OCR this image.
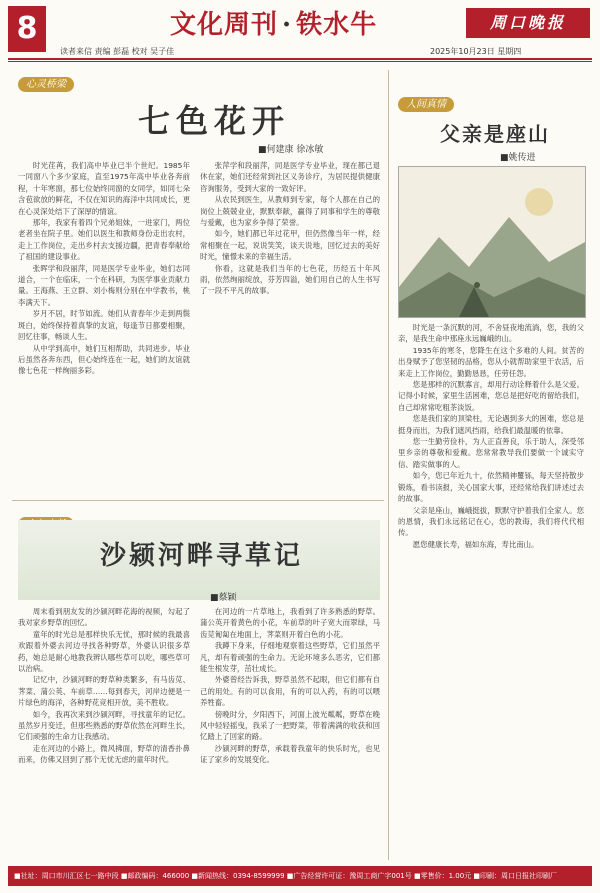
8	文化周刊 · 铁水牛	周口晚报
读者来信 责编 彭磊 校对 吴子佳	2025年10月23日 星期四
心灵桥梁
七色花开
■何建康 徐冰敏

时光荏苒，我们高中毕业已半个世纪。1985年一同窗八个多少家庭，直至1975年高中毕业各奔前程，十年寒窗，那七位始终同窗的女同学，如同七朵含苞欲放的鲜花，不仅在知识的海洋中共同成长，更在心灵深处结下了深厚的情谊。

那年，我家有着四个兄弟姐妹，一进家门，两位老者坐在院子里。她们以医生和教师身份走出农村，走上工作岗位，走出乡村去支援边疆，把青春奉献给了祖国的建设事业。

张晖学和段丽萍，同是医学专业毕业，她们志同道合，一个在临床，一个在科研，为医学事业贡献力量。王海燕、王立群、刘小梅则分别在中学教书，桃李满天下。

岁月不居，时节如流。她们从青春年少走到两鬓斑白，始终保持着真挚的友谊，每逢节日都要相聚，回忆往事，畅谈人生。

从中学到高中，她们互相帮助，共同进步。毕业后虽然各奔东西，但心始终连在一起，她们的友谊就像七色花一样绚丽多彩。

张萍学和段丽萍，同是医学专业毕业，现在都已退休在家，她们还经常到社区义务诊疗，为居民提供健康咨询服务，受到大家的一致好评。

从农民到医生，从教师到专家，每个人都在自己的岗位上兢兢业业，默默奉献，赢得了同事和学生的尊敬与爱戴，也为家乡争得了荣誉。

如今，她们都已年过花甲，但仍然像当年一样，经常相聚在一起，说说笑笑，谈天说地，回忆过去的美好时光，憧憬未来的幸福生活。

你看，这就是我们当年的七色花，历经五十年风雨，依然绚丽绽放，芬芳四溢，她们用自己的人生书写了一段不平凡的故事。

沙颍河畔寻草记
■蔡颖

周末看到朋友发的沙颍河畔花海的视频，勾起了我对家乡野草的回忆。

童年的时光总是那样快乐无忧，那时候的我最喜欢跟着外婆去河边寻找各种野草，外婆认识很多草药，她总是耐心地教我辨认哪些草可以吃，哪些草可以治病。

记忆中，沙颍河畔的野草种类繁多，有马齿苋、荠菜、蒲公英、车前草……每到春天，河岸边便是一片绿色的海洋，各种野花竞相开放，美不胜收。

如今，我再次来到沙颍河畔，寻找童年的记忆。虽然岁月变迁，但那些熟悉的野草依然在河畔生长，它们顽强的生命力让我感动。

走在河边的小路上，微风拂面，野草的清香扑鼻而来，仿佛又回到了那个无忧无虑的童年时代。

在河边的一片草地上，我看到了许多熟悉的野草。蒲公英开着黄色的小花，车前草的叶子宽大而翠绿，马齿苋匍匐在地面上，荠菜则开着白色的小花。

我蹲下身来，仔细地观察着这些野草，它们虽然平凡，却有着顽强的生命力。无论环境多么恶劣，它们都能生根发芽，茁壮成长。

外婆曾经告诉我，野草虽然不起眼，但它们都有自己的用处。有的可以食用，有的可以入药，有的可以喂养牲畜。

傍晚时分，夕阳西下，河面上波光粼粼，野草在晚风中轻轻摇曳，我采了一把野菜，带着满满的收获和回忆踏上了回家的路。

沙颍河畔的野草，承载着我童年的快乐时光，也见证了家乡的发展变化。

人间真情
父亲是座山
■姚传进

时光是一条沉默的河，不舍昼夜地流淌，您，我的父亲，是我生命中那座永远巍峨的山。

1935年的寒冬，您降生在这个多难的人间。贫苦的出身赋予了您坚韧的品格，您从小就帮助家里干农活，后来走上工作岗位，勤勤恳恳，任劳任怨。

您是那样的沉默寡言，却用行动诠释着什么是父爱。记得小时候，家里生活困难，您总是把好吃的留给我们，自己却常常吃粗茶淡饭。

您是我们家的顶梁柱，无论遇到多大的困难，您总是挺身而出，为我们遮风挡雨，给我们最温暖的依靠。

您一生勤劳俭朴，为人正直善良，乐于助人，深受邻里乡亲的尊敬和爱戴。您常常教导我们要做一个诚实守信、踏实做事的人。

如今，您已年近九十，依然精神矍铄，每天坚持散步锻炼，看书读报，关心国家大事，还经常给我们讲述过去的故事。

父亲是座山，巍峨挺拔，默默守护着我们全家人。您的恩情，我们永远铭记在心，您的教诲，我们将代代相传。

愿您健康长寿，福如东海，寿比南山。

■社址：周口市川汇区七一路中段 ■邮政编码：466000 ■新闻热线：0394-8599999 ■广告经营许可证：豫周工商广字001号 ■零售价：1.00元 ■印刷：周口日报社印刷厂
